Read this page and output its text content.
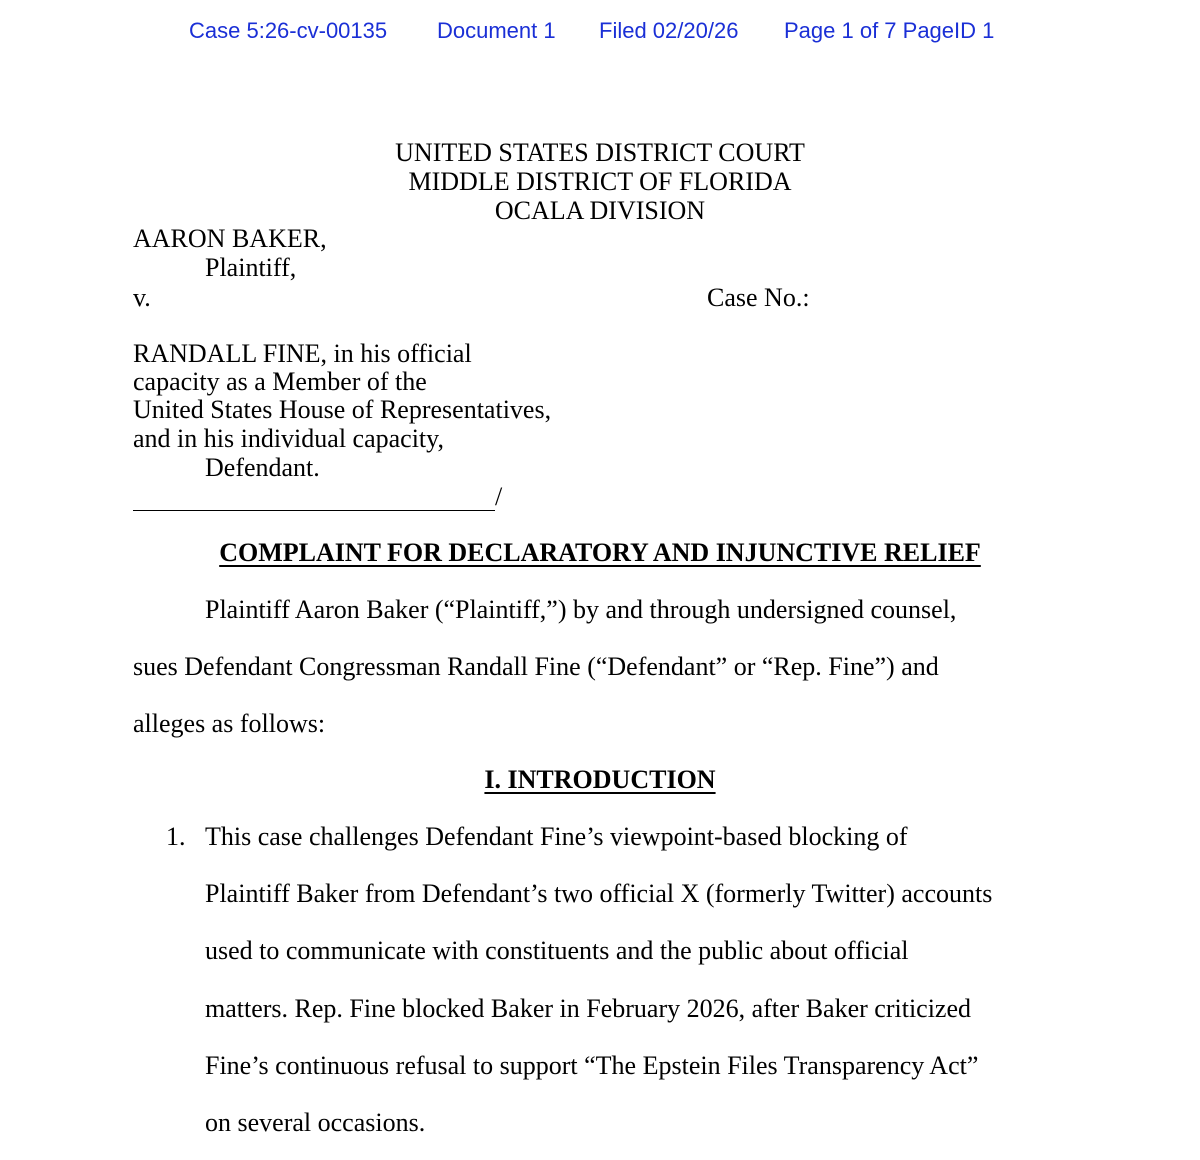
Case 5:26-cv-00135 Document 1 Filed 02/20/26 Page 1 of 7 PageID 1
UNITED STATES DISTRICT COURT
MIDDLE DISTRICT OF FLORIDA
OCALA DIVISION
AARON BAKER,
Plaintiff,
v.	Case No.:
RANDALL FINE, in his official
capacity as a Member of the
United States House of Representatives,
and in his individual capacity,
Defendant.
/
COMPLAINT FOR DECLARATORY AND INJUNCTIVE RELIEF
Plaintiff Aaron Baker (“Plaintiff,”) by and through undersigned counsel,
sues Defendant Congressman Randall Fine (“Defendant” or “Rep. Fine”) and
alleges as follows:
I. INTRODUCTION
1. This case challenges Defendant Fine’s viewpoint-based blocking of
Plaintiff Baker from Defendant’s two official X (formerly Twitter) accounts
used to communicate with constituents and the public about official
matters. Rep. Fine blocked Baker in February 2026, after Baker criticized
Fine’s continuous refusal to support “The Epstein Files Transparency Act”
on several occasions.
